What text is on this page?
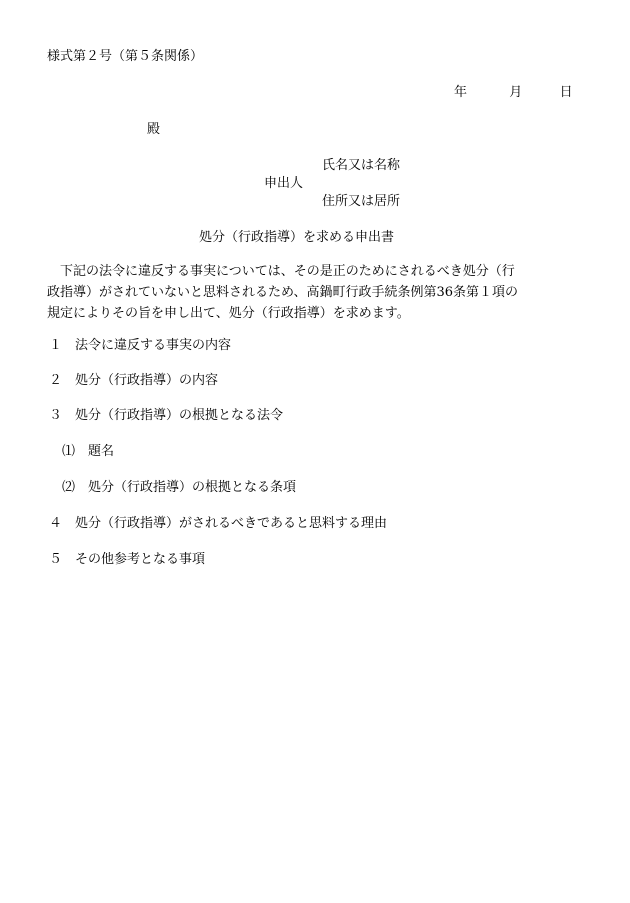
様式第２号（第５条関係）
年	月	日
殿
氏名又は名称
申出人
住所又は居所
処分（行政指導）を求める申出書
　下記の法令に違反する事実については、その是正のためにされるべき処分（行
政指導）がされていないと思料されるため、高鍋町行政手続条例第36条第１項の
規定によりその旨を申し出て、処分（行政指導）を求めます。
１ 法令に違反する事実の内容
２ 処分（行政指導）の内容
３ 処分（行政指導）の根拠となる法令
⑴ 題名
⑵ 処分（行政指導）の根拠となる条項
４ 処分（行政指導）がされるべきであると思料する理由
５ その他参考となる事項
